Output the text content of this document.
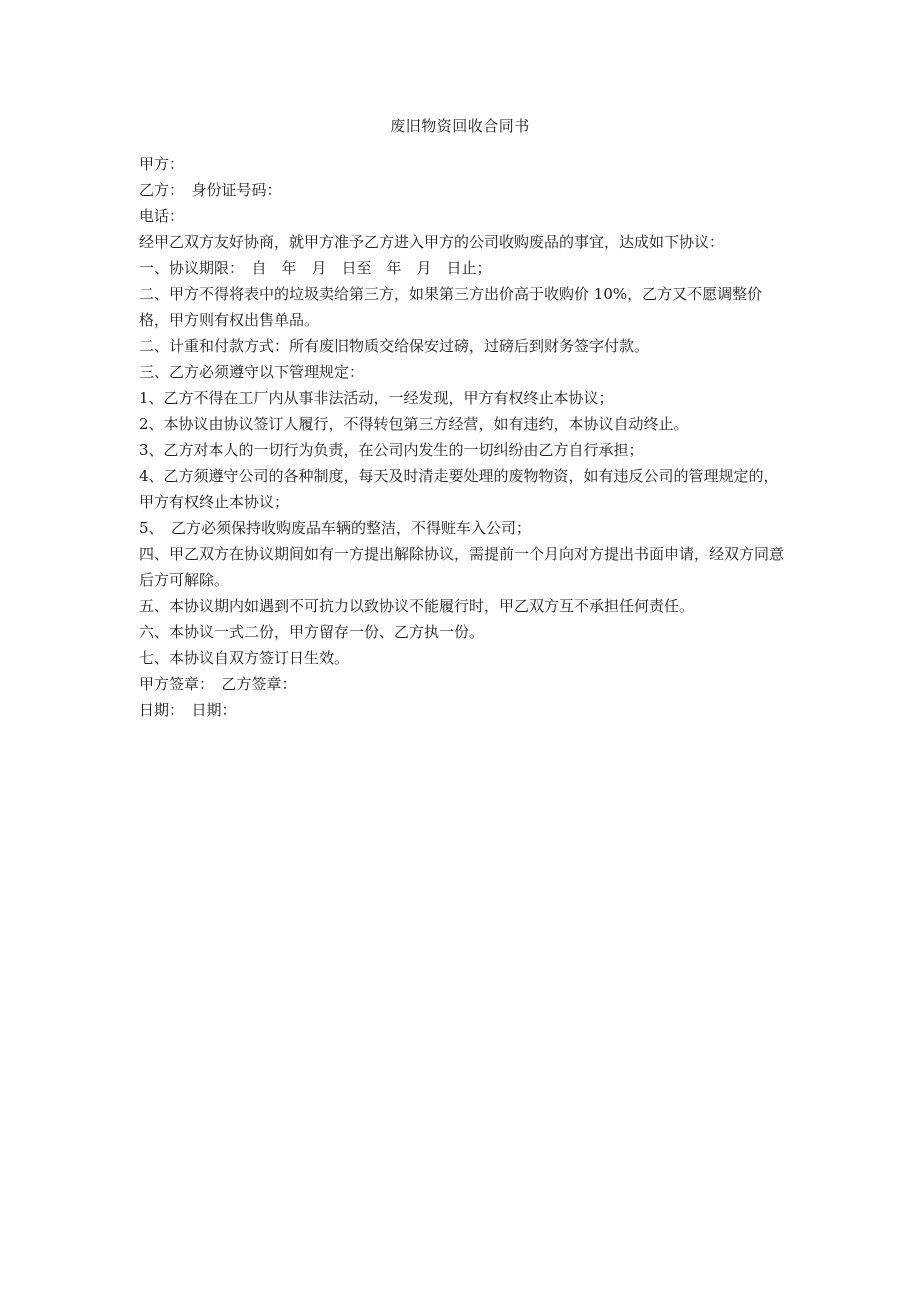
废旧物资回收合同书
甲方：
乙方：　身份证号码：
电话：
经甲乙双方友好协商，就甲方准予乙方进入甲方的公司收购废品的事宜，达成如下协议：
一、协议期限：　自　年　月　日至　年　月　日止；
二、甲方不得将表中的垃圾卖给第三方，如果第三方出价高于收购价 10%，乙方又不愿调整价格，甲方则有权出售单品。
二、计重和付款方式：所有废旧物质交给保安过磅，过磅后到财务签字付款。
三、乙方必须遵守以下管理规定：
1、乙方不得在工厂内从事非法活动，一经发现，甲方有权终止本协议；
2、本协议由协议签订人履行，不得转包第三方经营，如有违约，本协议自动终止。
3、乙方对本人的一切行为负责，在公司内发生的一切纠纷由乙方自行承担；
4、乙方须遵守公司的各种制度，每天及时清走要处理的废物物资，如有违反公司的管理规定的，甲方有权终止本协议；
5、　乙方必须保持收购废品车辆的整洁，不得赃车入公司；
四、甲乙双方在协议期间如有一方提出解除协议，需提前一个月向对方提出书面申请，经双方同意后方可解除。
五、本协议期内如遇到不可抗力以致协议不能履行时，甲乙双方互不承担任何责任。
六、本协议一式二份，甲方留存一份、乙方执一份。
七、本协议自双方签订日生效。
甲方签章：　乙方签章：
日期：　日期：
